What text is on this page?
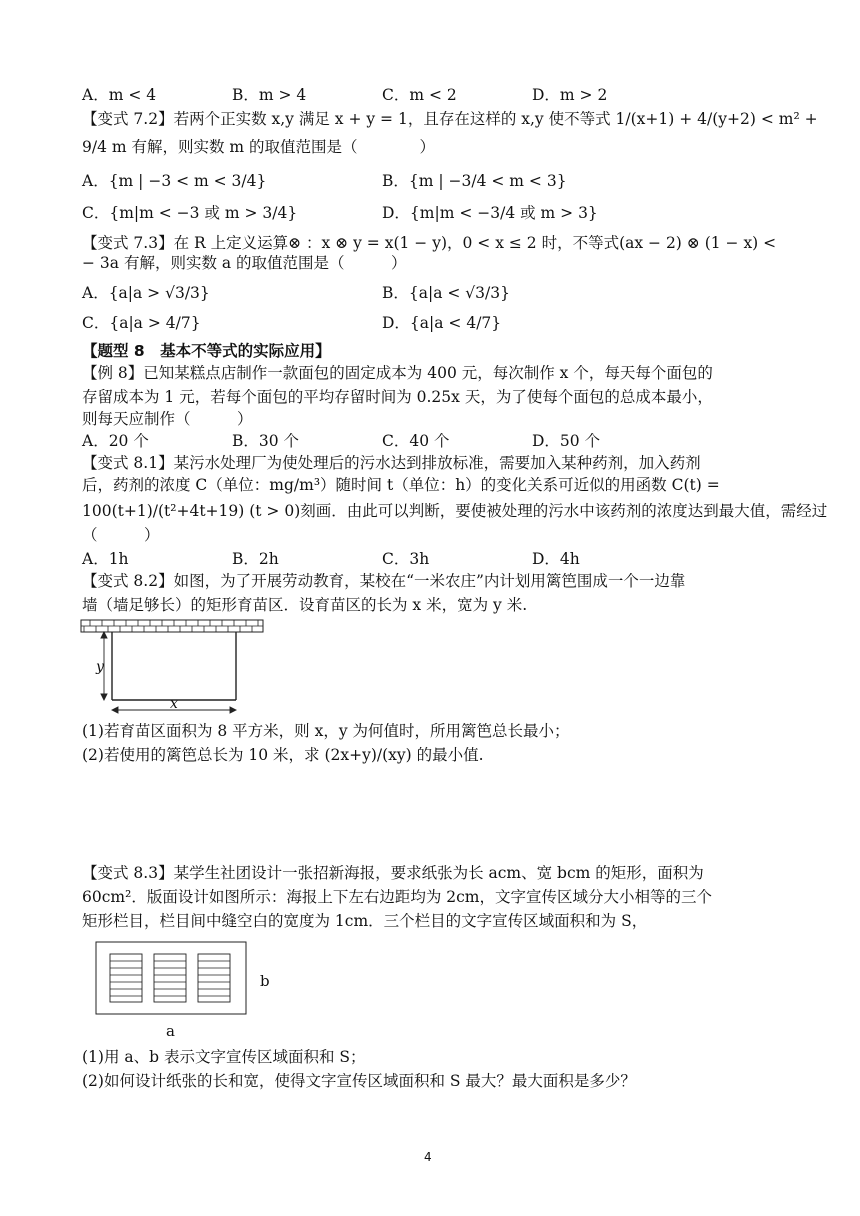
A．m < 4	B．m > 4	C．m < 2	D．m > 2
【变式 7.2】若两个正实数 x,y 满足 x + y = 1，且存在这样的 x,y 使不等式 1/(x+1) + 4/(y+2) < m² +
9/4 m 有解，则实数 m 的取值范围是（　　　　）
A．{m | −3 < m < 3/4}	B．{m | −3/4 < m < 3}
C．{m|m < −3 或 m > 3/4}	D．{m|m < −3/4 或 m > 3}
【变式 7.3】在 R 上定义运算⊗ ：x ⊗ y = x(1 − y)，0 < x ≤ 2 时，不等式(ax − 2) ⊗ (1 − x) <
− 3a 有解，则实数 a 的取值范围是（　　　）
A．{a|a > √3/3}	B．{a|a < √3/3}
C．{a|a > 4/7}	D．{a|a < 4/7}
【题型 8　基本不等式的实际应用】
【例 8】已知某糕点店制作一款面包的固定成本为 400 元，每次制作 x 个，每天每个面包的
存留成本为 1 元，若每个面包的平均存留时间为 0.25x 天，为了使每个面包的总成本最小，
则每天应制作（　　　）
A．20 个	B．30 个	C．40 个	D．50 个
【变式 8.1】某污水处理厂为使处理后的污水达到排放标准，需要加入某种药剂，加入药剂
后，药剂的浓度 C（单位：mg/m³）随时间 t（单位：h）的变化关系可近似的用函数 C(t) =
100(t+1)/(t²+4t+19) (t > 0)刻画．由此可以判断，要使被处理的污水中该药剂的浓度达到最大值，需经过
（　　　）
A．1h	B．2h	C．3h	D．4h
【变式 8.2】如图，为了开展劳动教育，某校在“一米农庄”内计划用篱笆围成一个一边靠
墙（墙足够长）的矩形育苗区．设育苗区的长为 x 米，宽为 y 米.
y
x
(1)若育苗区面积为 8 平方米，则 x，y 为何值时，所用篱笆总长最小；
(2)若使用的篱笆总长为 10 米，求 (2x+y)/(xy) 的最小值.
【变式 8.3】某学生社团设计一张招新海报，要求纸张为长 acm、宽 bcm 的矩形，面积为
60cm²．版面设计如图所示：海报上下左右边距均为 2cm，文字宣传区域分大小相等的三个
矩形栏目，栏目间中缝空白的宽度为 1cm．三个栏目的文字宣传区域面积和为 S，
b
a
(1)用 a、b 表示文字宣传区域面积和 S；
(2)如何设计纸张的长和宽，使得文字宣传区域面积和 S 最大？最大面积是多少？
4
